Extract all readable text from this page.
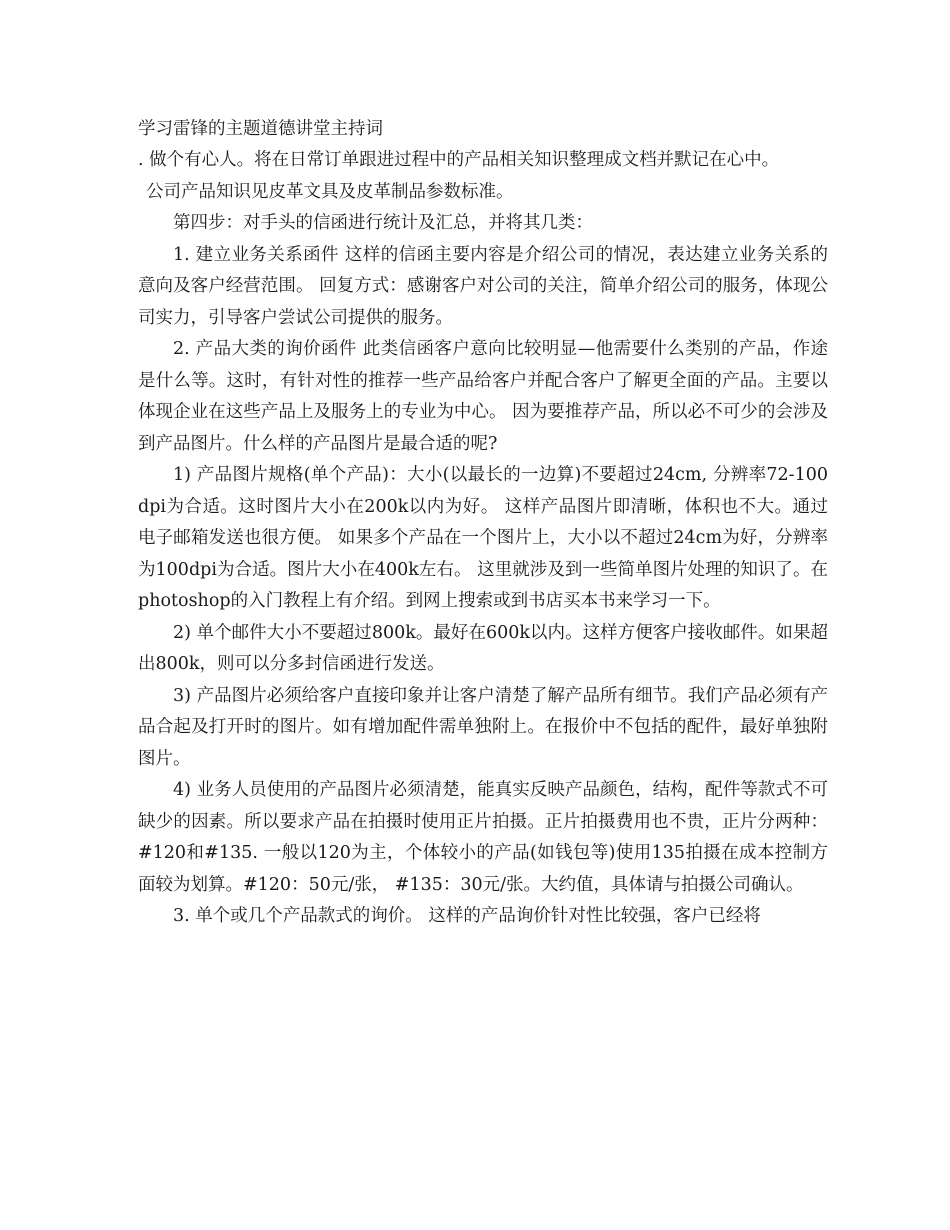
学习雷锋的主题道德讲堂主持词

. 做个有心人。将在日常订单跟进过程中的产品相关知识整理成文档并默记在心中。

公司产品知识见皮革文具及皮革制品参数标准。

第四步：对手头的信函进行统计及汇总，并将其几类：

1. 建立业务关系函件 这样的信函主要内容是介绍公司的情况，表达建立业务关系的意向及客户经营范围。 回复方式：感谢客户对公司的关注，简单介绍公司的服务，体现公司实力，引导客户尝试公司提供的服务。

2. 产品大类的询价函件 此类信函客户意向比较明显—他需要什么类别的产品，作途是什么等。这时，有针对性的推荐一些产品给客户并配合客户了解更全面的产品。主要以体现企业在这些产品上及服务上的专业为中心。 因为要推荐产品，所以必不可少的会涉及到产品图片。什么样的产品图片是最合适的呢?

1) 产品图片规格(单个产品)：大小(以最长的一边算)不要超过24cm, 分辨率72-100 dpi为合适。这时图片大小在200k以内为好。 这样产品图片即清晰，体积也不大。通过电子邮箱发送也很方便。 如果多个产品在一个图片上，大小以不超过24cm为好，分辨率为100dpi为合适。图片大小在400k左右。 这里就涉及到一些简单图片处理的知识了。在photoshop的入门教程上有介绍。到网上搜索或到书店买本书来学习一下。

2) 单个邮件大小不要超过800k。最好在600k以内。这样方便客户接收邮件。如果超出800k，则可以分多封信函进行发送。

3) 产品图片必须给客户直接印象并让客户清楚了解产品所有细节。我们产品必须有产品合起及打开时的图片。如有增加配件需单独附上。在报价中不包括的配件，最好单独附图片。

4) 业务人员使用的产品图片必须清楚，能真实反映产品颜色，结构，配件等款式不可缺少的因素。所以要求产品在拍摄时使用正片拍摄。正片拍摄费用也不贵，正片分两种：#120和#135. 一般以120为主，个体较小的产品(如钱包等)使用135拍摄在成本控制方面较为划算。#120：50元/张， #135：30元/张。大约值，具体请与拍摄公司确认。

3. 单个或几个产品款式的询价。 这样的产品询价针对性比较强，客户已经将
